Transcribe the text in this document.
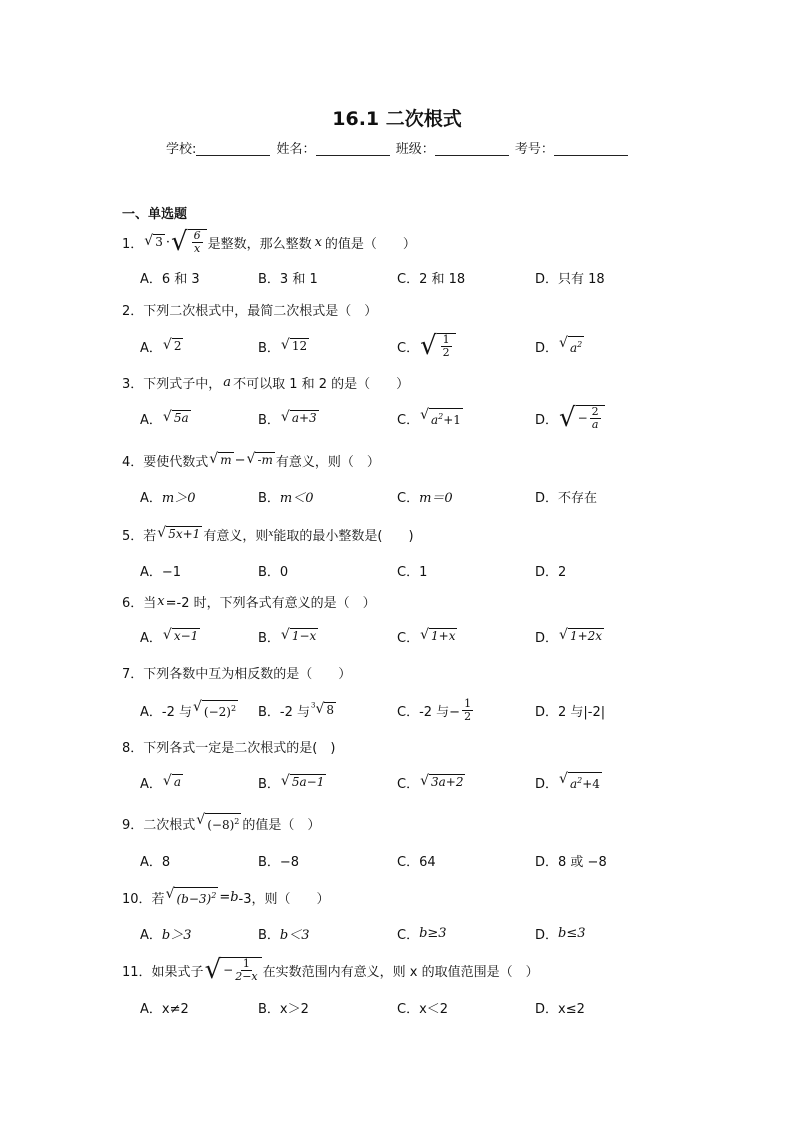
16.1 二次根式
学校:	姓名：	班级：	考号：
一、单选题
1． √ 3 · √ $\frac{6}{x}$ 是整数，那么整数 x 的值是（　　）
A．6 和 3	B．3 和 1	C．2 和 18	D．只有 18
2． 下列二次根式中，最简二次根式是（　）
A． √ 2	B． √ 12	C． √ $\frac{1}{2}$	D． √ $a^2$
3． 下列式子中， a 不可以取 1 和 2 的是（　　）
A． √ 5a	B． √ a+3	C． √ $a^2+1$	D． √ − $\frac{2}{a}$
4． 要使代数式 √ m − √ -m 有意义，则（　）
A． m＞0	B． m＜0	C． m＝0	D．不存在
5． 若 √ 5x+1 有意义，则 x 能取的最小整数是(　　)
A．−1	B．0	C．1	D．2
6． 当 x =-2 时，下列各式有意义的是（　）
A． √ x−1	B． √ 1−x	C． √ 1+x	D． √ 1+2x
7． 下列各数中互为相反数的是（　　）
A．-2 与 √ $(-2)^2$ B．-2 与 $^3$√ 8	C．-2 与− $\frac{1}{2}$	D．2 与|-2|
8． 下列各式一定是二次根式的是(　)
A． √ a	B． √ 5a−1	C． √ 3a+2	D． √ $a^2+4$
9． 二次根式 √ $(-8)^2$ 的值是（　）
A．8	B．−8	C．64	D．8 或 −8
10． 若 √ $(b-3)^2 = b$ -3，则（　　）
A． b＞3	B． b＜3	C． b≥3	D． b≤3
11． 如果式子 √ − $\frac{1}{2-x}$ 在实数范围内有意义，则 x 的取值范围是（　）
A．x≠2	B．x＞2	C．x＜2	D．x≤2
